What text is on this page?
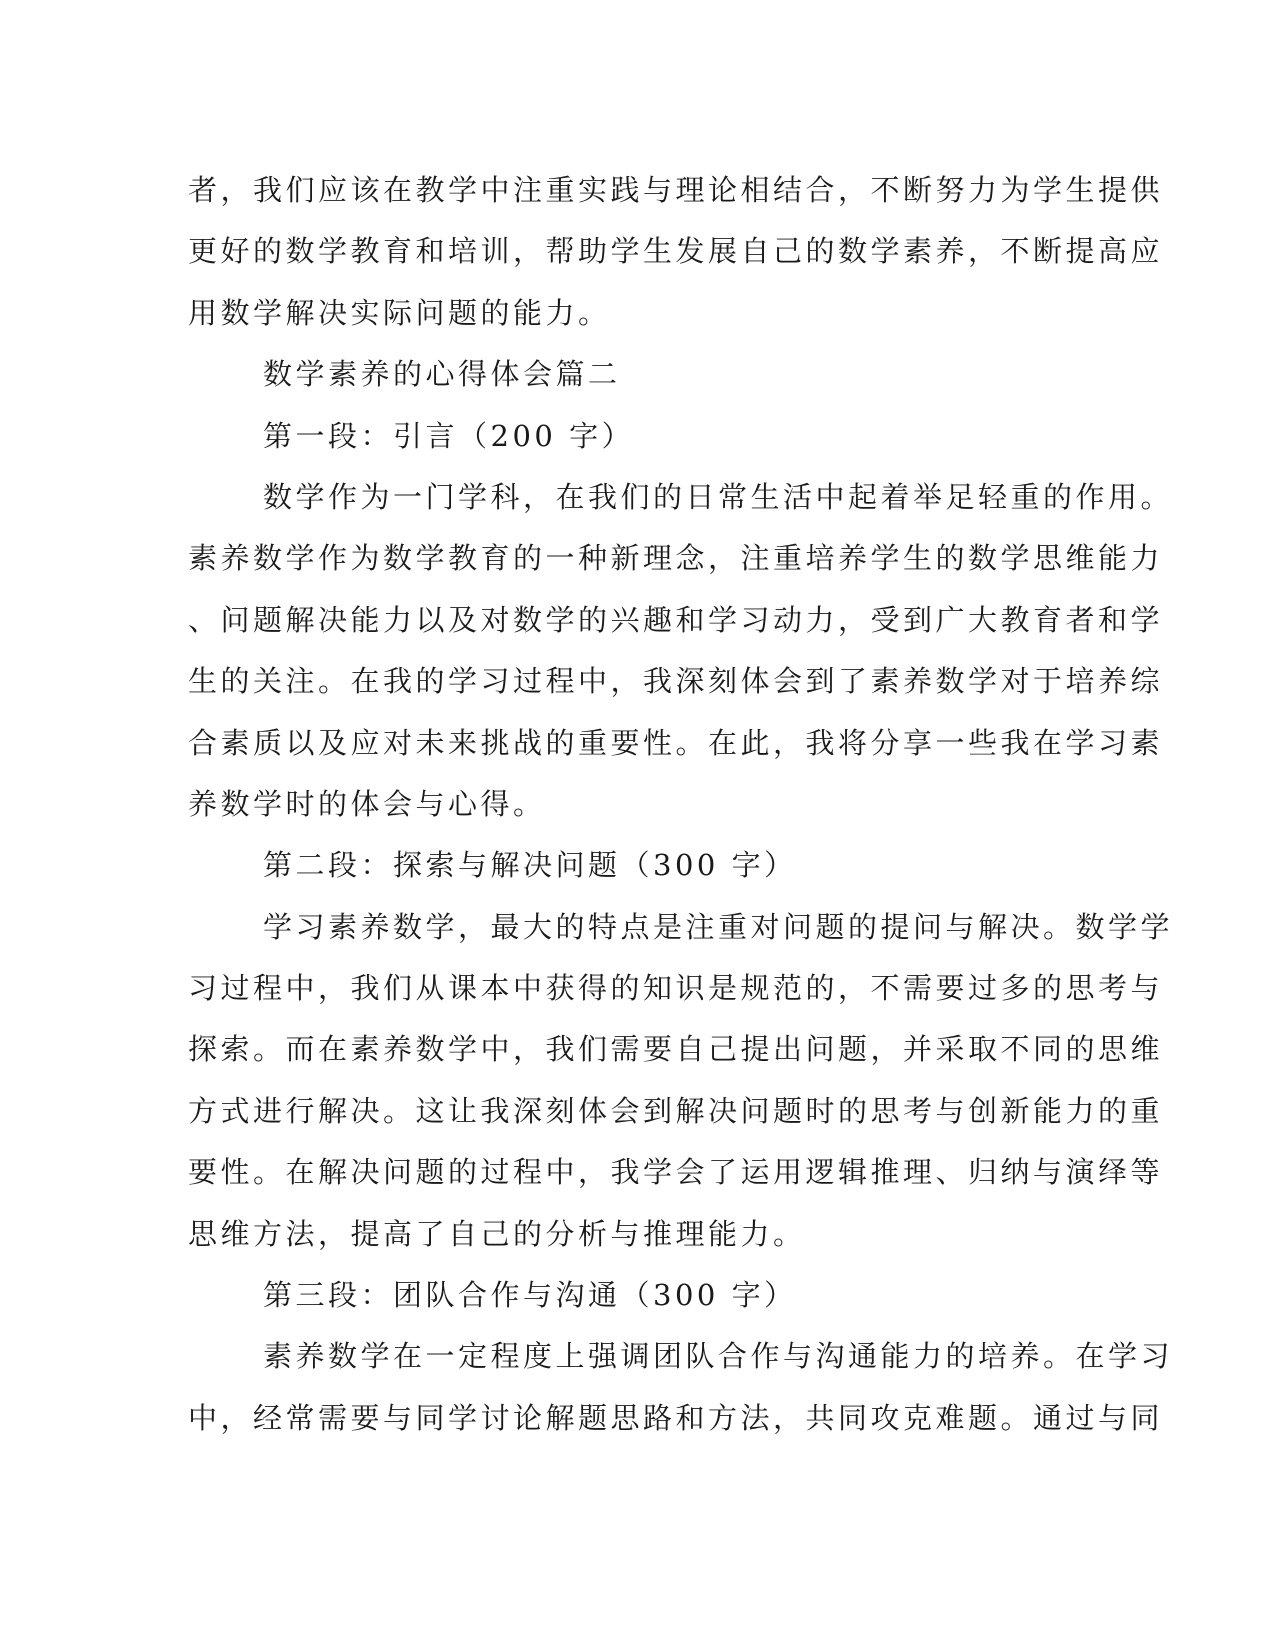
者，我们应该在教学中注重实践与理论相结合，不断努力为学生提供
更好的数学教育和培训，帮助学生发展自己的数学素养，不断提高应
用数学解决实际问题的能力。
数学素养的心得体会篇二
第一段：引言（200 字）
数学作为一门学科，在我们的日常生活中起着举足轻重的作用。
素养数学作为数学教育的一种新理念，注重培养学生的数学思维能力
、问题解决能力以及对数学的兴趣和学习动力，受到广大教育者和学
生的关注。在我的学习过程中，我深刻体会到了素养数学对于培养综
合素质以及应对未来挑战的重要性。在此，我将分享一些我在学习素
养数学时的体会与心得。
第二段：探索与解决问题（300 字）
学习素养数学，最大的特点是注重对问题的提问与解决。数学学
习过程中，我们从课本中获得的知识是规范的，不需要过多的思考与
探索。而在素养数学中，我们需要自己提出问题，并采取不同的思维
方式进行解决。这让我深刻体会到解决问题时的思考与创新能力的重
要性。在解决问题的过程中，我学会了运用逻辑推理、归纳与演绎等
思维方法，提高了自己的分析与推理能力。
第三段：团队合作与沟通（300 字）
素养数学在一定程度上强调团队合作与沟通能力的培养。在学习
中，经常需要与同学讨论解题思路和方法，共同攻克难题。通过与同
